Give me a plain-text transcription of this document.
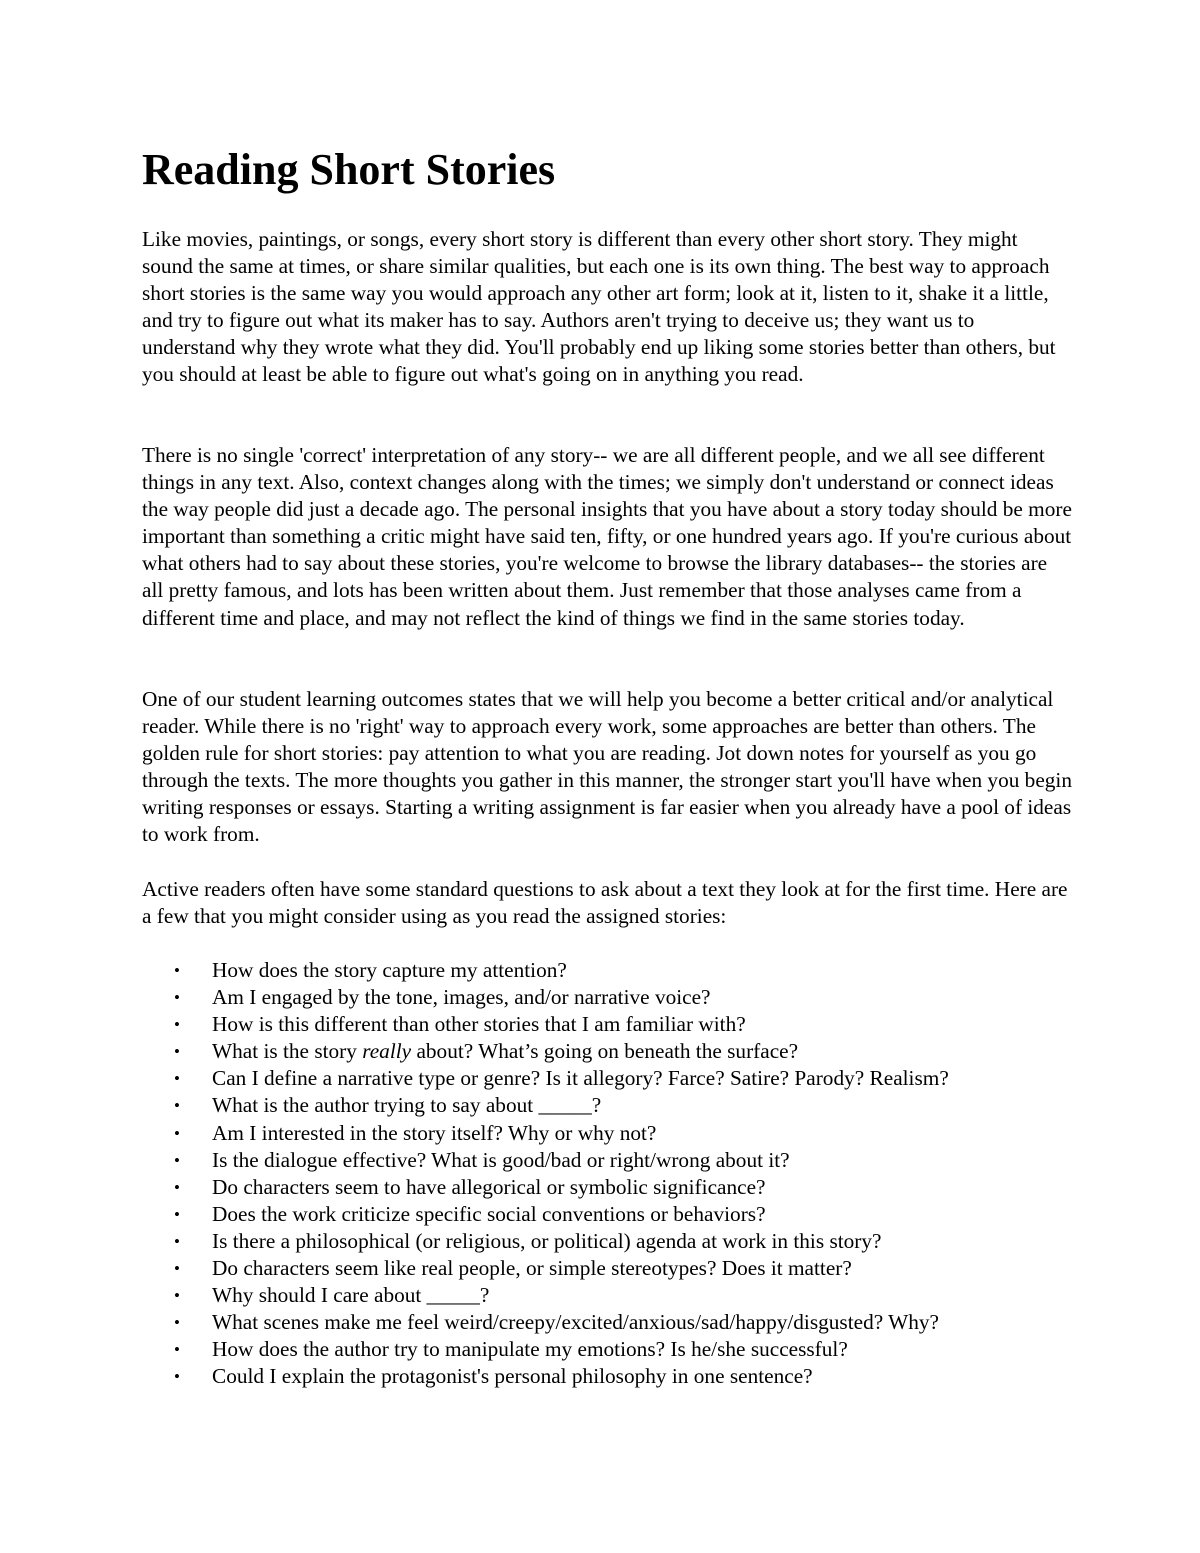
Reading Short Stories

Like movies, paintings, or songs, every short story is different than every other short story. They might sound the same at times, or share similar qualities, but each one is its own thing. The best way to approach short stories is the same way you would approach any other art form; look at it, listen to it, shake it a little, and try to figure out what its maker has to say. Authors aren't trying to deceive us; they want us to understand why they wrote what they did. You'll probably end up liking some stories better than others, but you should at least be able to figure out what's going on in anything you read.

There is no single 'correct' interpretation of any story-- we are all different people, and we all see different things in any text. Also, context changes along with the times; we simply don't understand or connect ideas the way people did just a decade ago. The personal insights that you have about a story today should be more important than something a critic might have said ten, fifty, or one hundred years ago. If you're curious about what others had to say about these stories, you're welcome to browse the library databases-- the stories are all pretty famous, and lots has been written about them. Just remember that those analyses came from a different time and place, and may not reflect the kind of things we find in the same stories today.

One of our student learning outcomes states that we will help you become a better critical and/or analytical reader. While there is no 'right' way to approach every work, some approaches are better than others. The golden rule for short stories: pay attention to what you are reading. Jot down notes for yourself as you go through the texts. The more thoughts you gather in this manner, the stronger start you'll have when you begin writing responses or essays. Starting a writing assignment is far easier when you already have a pool of ideas to work from.

Active readers often have some standard questions to ask about a text they look at for the first time. Here are a few that you might consider using as you read the assigned stories:

• How does the story capture my attention?
• Am I engaged by the tone, images, and/or narrative voice?
• How is this different than other stories that I am familiar with?
• What is the story really about? What’s going on beneath the surface?
• Can I define a narrative type or genre? Is it allegory? Farce? Satire? Parody? Realism?
• What is the author trying to say about _____?
• Am I interested in the story itself? Why or why not?
• Is the dialogue effective? What is good/bad or right/wrong about it?
• Do characters seem to have allegorical or symbolic significance?
• Does the work criticize specific social conventions or behaviors?
• Is there a philosophical (or religious, or political) agenda at work in this story?
• Do characters seem like real people, or simple stereotypes? Does it matter?
• Why should I care about _____?
• What scenes make me feel weird/creepy/excited/anxious/sad/happy/disgusted? Why?
• How does the author try to manipulate my emotions? Is he/she successful?
• Could I explain the protagonist's personal philosophy in one sentence?
